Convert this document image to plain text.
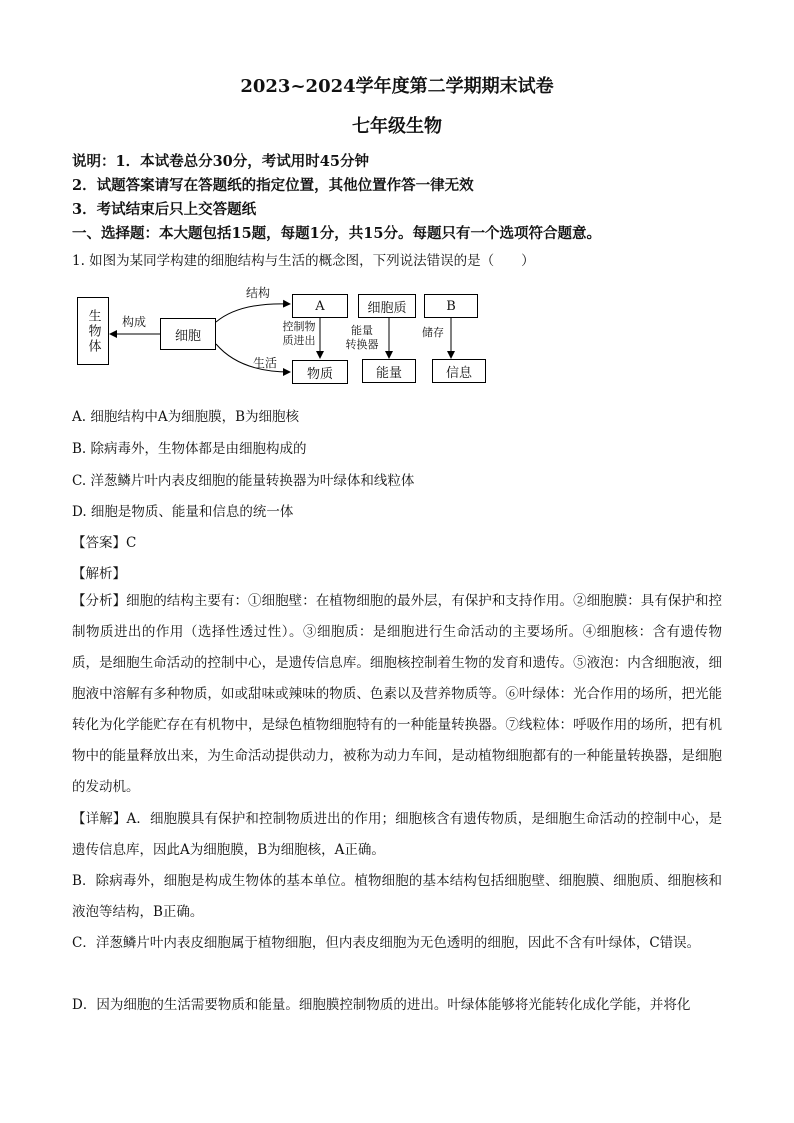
2023~2024学年度第二学期期末试卷
七年级生物
说明：1．本试卷总分30分，考试用时45分钟
2．试题答案请写在答题纸的指定位置，其他位置作答一律无效
3．考试结束后只上交答题纸
一、选择题：本大题包括15题，每题1分，共15分。每题只有一个选项符合题意。
1. 如图为某同学构建的细胞结构与生活的概念图，下列说法错误的是（　　）
生物体	细胞
构成
结构
生活
A	细胞质	B
物质	能量	信息
控制物
质进出
能量
转换器
储存
A. 细胞结构中A为细胞膜，B为细胞核
B. 除病毒外，生物体都是由细胞构成的
C. 洋葱鳞片叶内表皮细胞的能量转换器为叶绿体和线粒体
D. 细胞是物质、能量和信息的统一体
【答案】C
【解析】
【分析】细胞的结构主要有：①细胞壁：在植物细胞的最外层，有保护和支持作用。②细胞膜：具有保护和控制物质进出的作用（选择性透过性）。③细胞质：是细胞进行生命活动的主要场所。④细胞核：含有遗传物质，是细胞生命活动的控制中心，是遗传信息库。细胞核控制着生物的发育和遗传。⑤液泡：内含细胞液，细胞液中溶解有多种物质，如或甜味或辣味的物质、色素以及营养物质等。⑥叶绿体：光合作用的场所，把光能转化为化学能贮存在有机物中，是绿色植物细胞特有的一种能量转换器。⑦线粒体：呼吸作用的场所，把有机物中的能量释放出来，为生命活动提供动力，被称为动力车间，是动植物细胞都有的一种能量转换器，是细胞的发动机。
【详解】A．细胞膜具有保护和控制物质进出的作用；细胞核含有遗传物质，是细胞生命活动的控制中心，是遗传信息库，因此A为细胞膜，B为细胞核，A正确。
B．除病毒外，细胞是构成生物体的基本单位。植物细胞的基本结构包括细胞壁、细胞膜、细胞质、细胞核和液泡等结构，B正确。
C．洋葱鳞片叶内表皮细胞属于植物细胞，但内表皮细胞为无色透明的细胞，因此不含有叶绿体，C错误。
D．因为细胞的生活需要物质和能量。细胞膜控制物质的进出。叶绿体能够将光能转化成化学能，并将化
